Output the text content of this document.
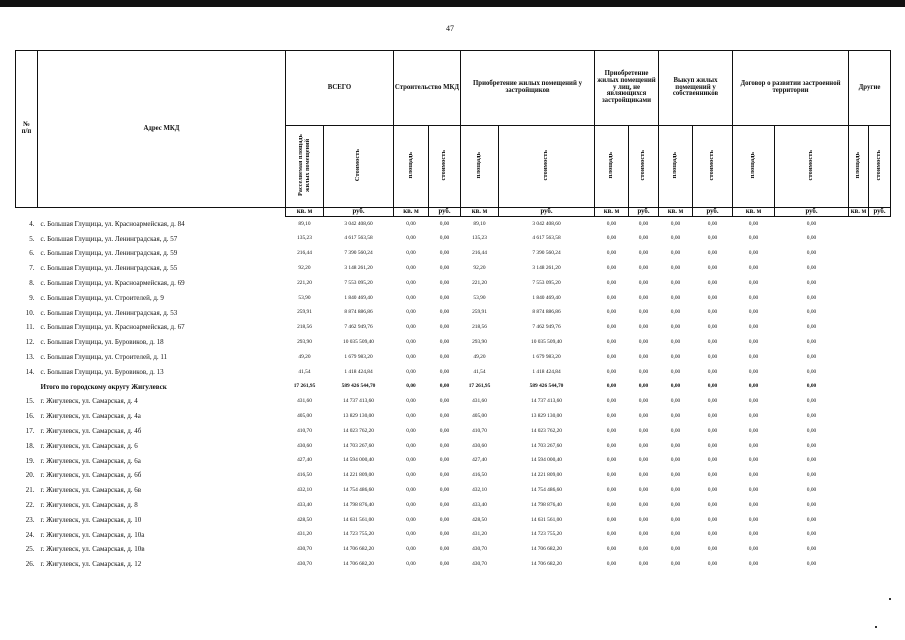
47
№
п/п	Адрес МКД	ВСЕГО		Строительство МКД		Приобретение жилых помещений у застройщиков		Приобретение жилых помещений у лиц, не являющихся застройщиками		Выкуп жилых помещений у собственников		Договор о развитии застроенной территории		Другие	
		Расселяемая площадь жилых помещений	Стоимость	площадь	стоимость	площадь	стоимость	площадь	стоимость	площадь	стоимость	площадь	стоимость	площадь	стоимость
		кв. м	руб.	кв. м	руб.	кв. м	руб.	кв. м	руб.	кв. м	руб.	кв. м	руб.	кв. м	руб.
4.	с. Большая Глущица, ул. Красноармейская, д. 84	89,10	3 042 408,60	0,00	0,00	89,10	3 042 408,60	0,00	0,00	0,00	0,00	0,00	0,00		
5.	с. Большая Глущица, ул. Ленинградская, д. 57	135,23	4 617 563,58	0,00	0,00	135,23	4 617 563,58	0,00	0,00	0,00	0,00	0,00	0,00		
6.	с. Большая Глущица, ул. Ленинградская, д. 59	216,44	7 390 560,24	0,00	0,00	216,44	7 390 560,24	0,00	0,00	0,00	0,00	0,00	0,00		
7.	с. Большая Глущица, ул. Ленинградская, д. 55	92,20	3 148 261,20	0,00	0,00	92,20	3 148 261,20	0,00	0,00	0,00	0,00	0,00	0,00		
8.	с. Большая Глущица, ул. Красноармейская, д. 69	221,20	7 553 095,20	0,00	0,00	221,20	7 553 095,20	0,00	0,00	0,00	0,00	0,00	0,00		
9.	с. Большая Глущица, ул. Строителей, д. 9	53,90	1 840 469,40	0,00	0,00	53,90	1 840 469,40	0,00	0,00	0,00	0,00	0,00	0,00		
10.	с. Большая Глущица, ул. Ленинградская, д. 53	259,91	8 874 886,86	0,00	0,00	259,91	8 874 886,86	0,00	0,00	0,00	0,00	0,00	0,00		
11.	с. Большая Глущица, ул. Красноармейская, д. 67	218,56	7 462 949,76	0,00	0,00	218,56	7 462 949,76	0,00	0,00	0,00	0,00	0,00	0,00		
12.	с. Большая Глущица, ул. Буровиков, д. 18	293,90	10 035 509,40	0,00	0,00	293,90	10 035 509,40	0,00	0,00	0,00	0,00	0,00	0,00		
13.	с. Большая Глущица, ул. Строителей, д. 11	49,20	1 679 983,20	0,00	0,00	49,20	1 679 983,20	0,00	0,00	0,00	0,00	0,00	0,00		
14.	с. Большая Глущица, ул. Буровиков, д. 13	41,54	1 418 424,84	0,00	0,00	41,54	1 418 424,84	0,00	0,00	0,00	0,00	0,00	0,00		
	Итого по городскому округу Жигулевск	17 261,95	589 426 544,70	0,00	0,00	17 261,95	589 426 544,70	0,00	0,00	0,00	0,00	0,00	0,00		
15.	г. Жигулевск, ул. Самарская, д. 4	431,60	14 737 413,60	0,00	0,00	431,60	14 737 413,60	0,00	0,00	0,00	0,00	0,00	0,00		
16.	г. Жигулевск, ул. Самарская, д. 4а	405,00	13 829 130,00	0,00	0,00	405,00	13 829 130,00	0,00	0,00	0,00	0,00	0,00	0,00		
17.	г. Жигулевск, ул. Самарская, д. 4б	410,70	14 023 762,20	0,00	0,00	410,70	14 023 762,20	0,00	0,00	0,00	0,00	0,00	0,00		
18.	г. Жигулевск, ул. Самарская, д. 6	430,60	14 703 267,60	0,00	0,00	430,60	14 703 267,60	0,00	0,00	0,00	0,00	0,00	0,00		
19.	г. Жигулевск, ул. Самарская, д. 6а	427,40	14 594 000,40	0,00	0,00	427,40	14 594 000,40	0,00	0,00	0,00	0,00	0,00	0,00		
20.	г. Жигулевск, ул. Самарская, д. 6б	416,50	14 221 809,00	0,00	0,00	416,50	14 221 809,00	0,00	0,00	0,00	0,00	0,00	0,00		
21.	г. Жигулевск, ул. Самарская, д. 6в	432,10	14 754 486,60	0,00	0,00	432,10	14 754 486,60	0,00	0,00	0,00	0,00	0,00	0,00		
22.	г. Жигулевск, ул. Самарская, д. 8	433,40	14 798 876,40	0,00	0,00	433,40	14 798 876,40	0,00	0,00	0,00	0,00	0,00	0,00		
23.	г. Жигулевск, ул. Самарская, д. 10	428,50	14 631 561,00	0,00	0,00	428,50	14 631 561,00	0,00	0,00	0,00	0,00	0,00	0,00		
24.	г. Жигулевск, ул. Самарская, д. 10а	431,20	14 723 755,20	0,00	0,00	431,20	14 723 755,20	0,00	0,00	0,00	0,00	0,00	0,00		
25.	г. Жигулевск, ул. Самарская, д. 10в	430,70	14 706 682,20	0,00	0,00	430,70	14 706 682,20	0,00	0,00	0,00	0,00	0,00	0,00		
26.	г. Жигулевск, ул. Самарская, д. 12	430,70	14 706 682,20	0,00	0,00	430,70	14 706 682,20	0,00	0,00	0,00	0,00	0,00	0,00		
